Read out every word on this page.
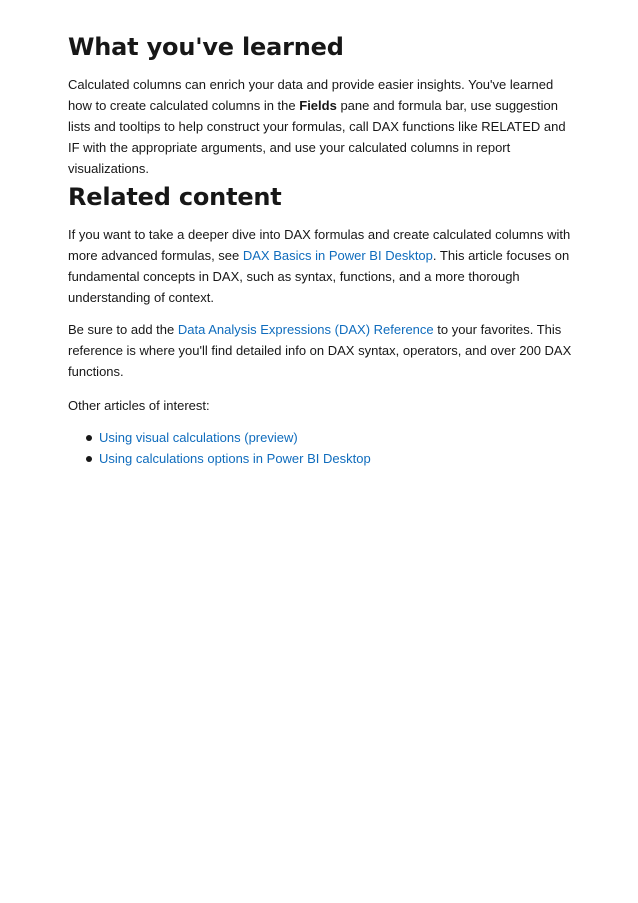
What you've learned

Calculated columns can enrich your data and provide easier insights. You've learned how to create calculated columns in the Fields pane and formula bar, use suggestion lists and tooltips to help construct your formulas, call DAX functions like RELATED and IF with the appropriate arguments, and use your calculated columns in report visualizations.

Related content

If you want to take a deeper dive into DAX formulas and create calculated columns with more advanced formulas, see DAX Basics in Power BI Desktop. This article focuses on fundamental concepts in DAX, such as syntax, functions, and a more thorough understanding of context.

Be sure to add the Data Analysis Expressions (DAX) Reference to your favorites. This reference is where you'll find detailed info on DAX syntax, operators, and over 200 DAX functions.

Other articles of interest:

Using visual calculations (preview)
Using calculations options in Power BI Desktop
